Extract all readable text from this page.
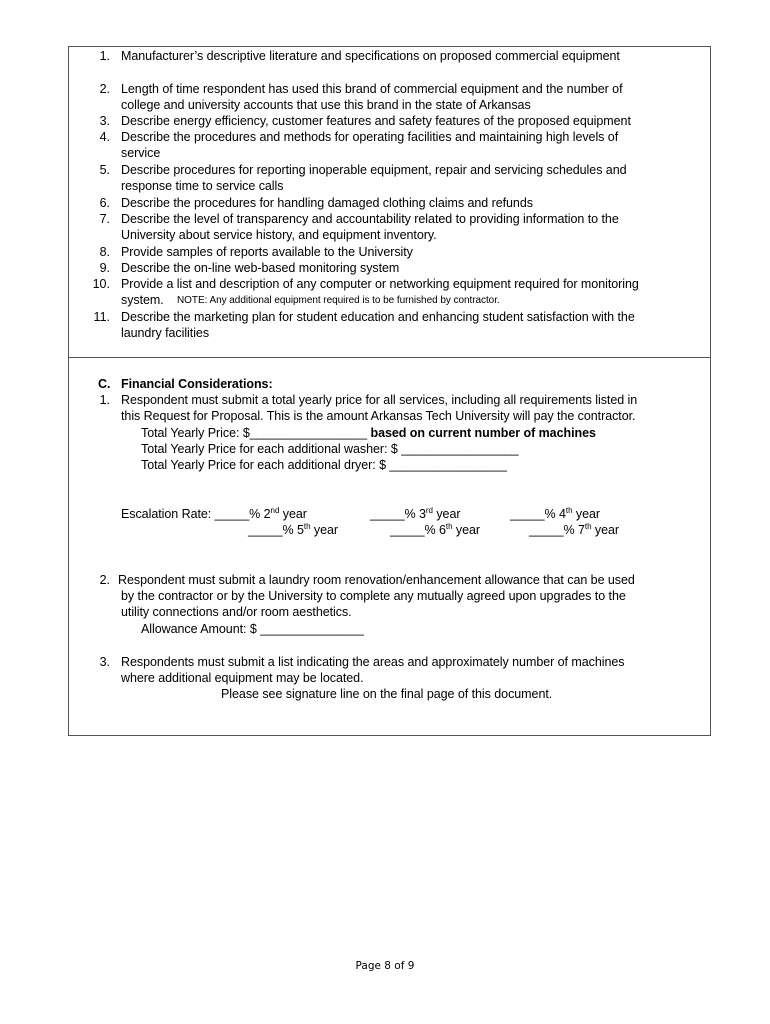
1. Manufacturer’s descriptive literature and specifications on proposed commercial equipment
2. Length of time respondent has used this brand of commercial equipment and the number of
college and university accounts that use this brand in the state of Arkansas
3. Describe energy efficiency, customer features and safety features of the proposed equipment
4. Describe the procedures and methods for operating facilities and maintaining high levels of
service
5. Describe procedures for reporting inoperable equipment, repair and servicing schedules and
response time to service calls
6. Describe the procedures for handling damaged clothing claims and refunds
7. Describe the level of transparency and accountability related to providing information to the
University about service history, and equipment inventory.
8. Provide samples of reports available to the University
9. Describe the on-line web-based monitoring system
10. Provide a list and description of any computer or networking equipment required for monitoring
system.
11. Describe the marketing plan for student education and enhancing student satisfaction with the
laundry facilities
NOTE: Any additional equipment required is to be furnished by contractor.
C. Financial Considerations:
1. Respondent must submit a total yearly price for all services, including all requirements listed in
this Request for Proposal. This is the amount Arkansas Tech University will pay the contractor.
Total Yearly Price: $_________________ based on current number of machines
Total Yearly Price for each additional washer: $ _________________
Total Yearly Price for each additional dryer: $ _________________
Escalation Rate: _____% 2nd year	_____% 3rd year	_____% 4th year
_____% 5th year	_____% 6th year	_____% 7th year
2. Respondent must submit a laundry room renovation/enhancement allowance that can be used
by the contractor or by the University to complete any mutually agreed upon upgrades to the
utility connections and/or room aesthetics.
Allowance Amount: $ _______________
3. Respondents must submit a list indicating the areas and approximately number of machines
where additional equipment may be located.
Please see signature line on the final page of this document.
Page 8 of 9
